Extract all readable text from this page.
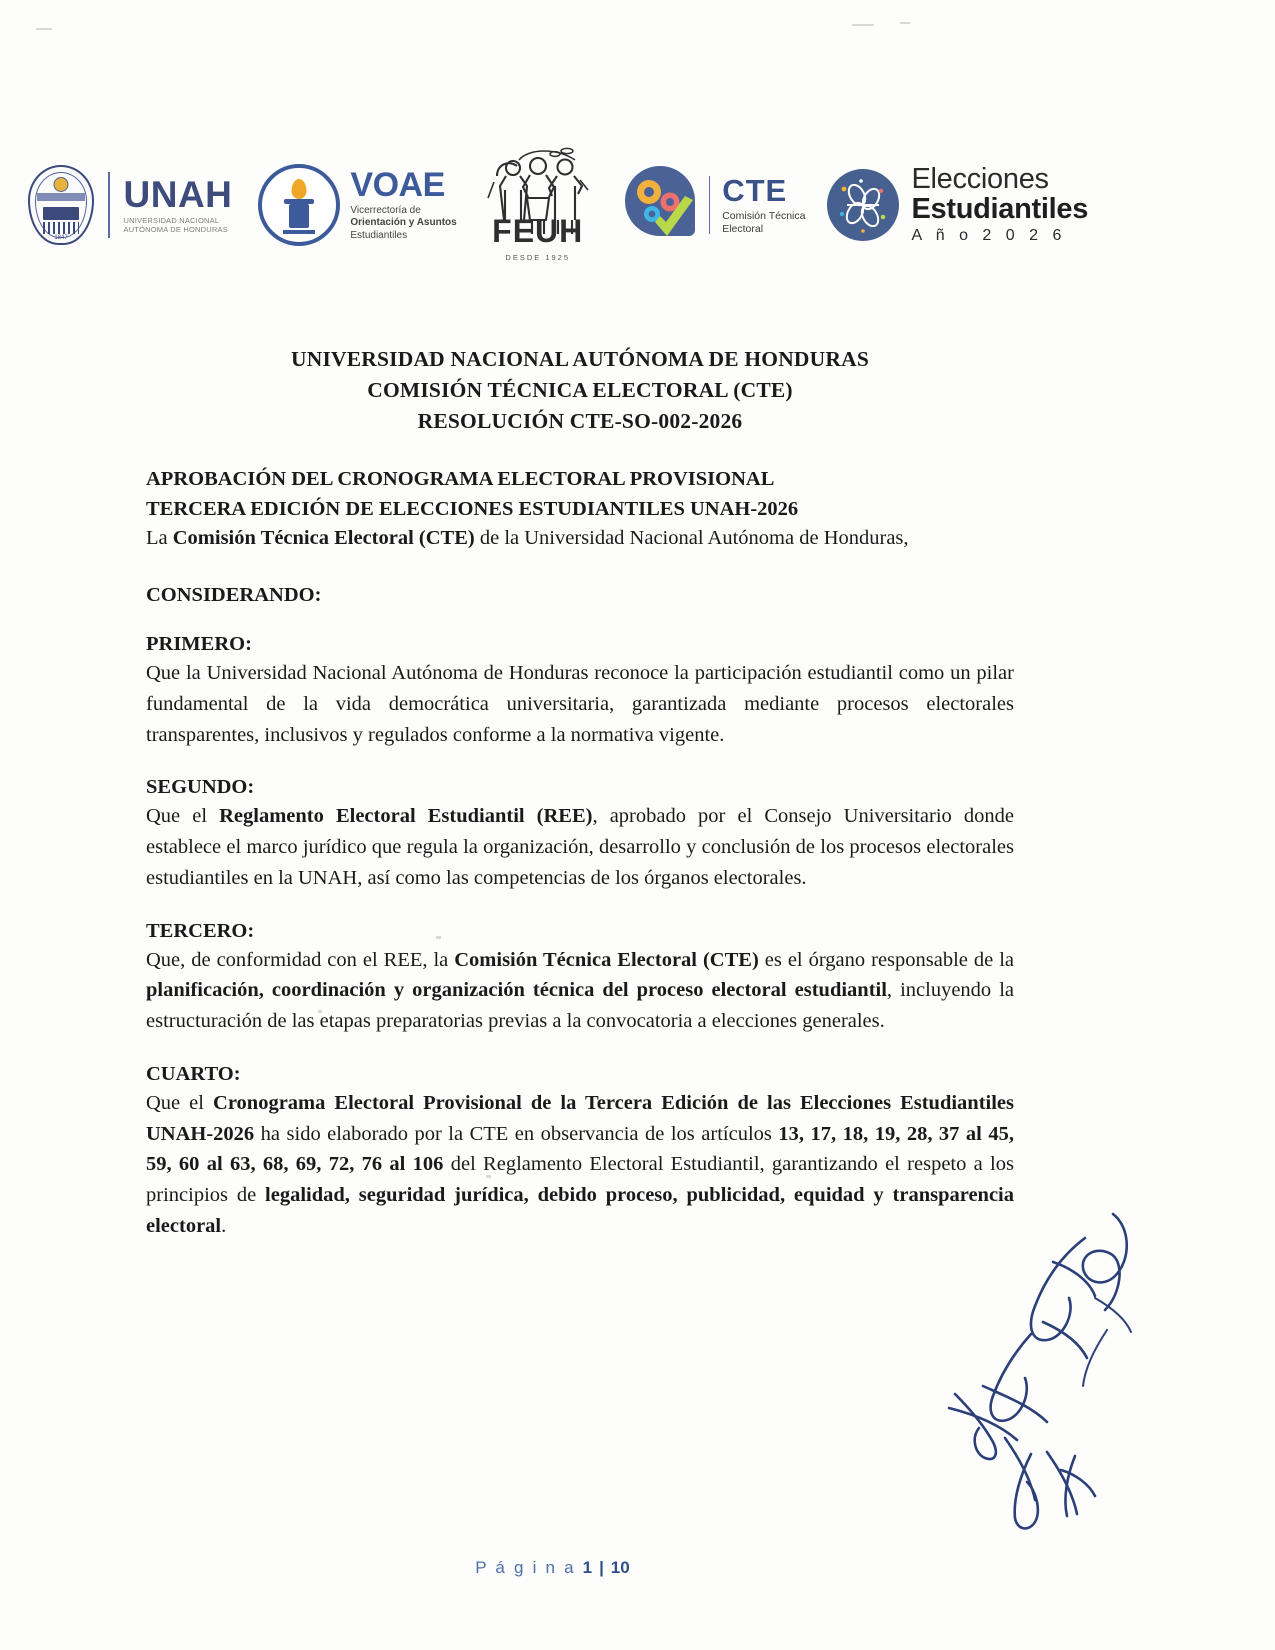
1847
UNAH
UNIVERSIDAD NACIONAL
AUTÓNOMA DE HONDURAS
VOAE
Vicerrectoría de
Orientación y Asuntos
Estudiantiles	FEUH
DESDE 1925
CTE
Comisión Técnica
Electoral
Elecciones
Estudiantiles
A ñ o 2 0 2 6
UNIVERSIDAD NACIONAL AUTÓNOMA DE HONDURAS
COMISIÓN TÉCNICA ELECTORAL (CTE)
RESOLUCIÓN CTE-SO-002-2026
APROBACIÓN DEL CRONOGRAMA ELECTORAL PROVISIONAL
TERCERA EDICIÓN DE ELECCIONES ESTUDIANTILES UNAH-2026
La Comisión Técnica Electoral (CTE) de la Universidad Nacional Autónoma de Honduras,
CONSIDERANDO:
PRIMERO:
Que la Universidad Nacional Autónoma de Honduras reconoce la participación estudiantil como un pilar fundamental de la vida democrática universitaria, garantizada mediante procesos electorales transparentes, inclusivos y regulados conforme a la normativa vigente.
SEGUNDO:
Que el Reglamento Electoral Estudiantil (REE), aprobado por el Consejo Universitario donde establece el marco jurídico que regula la organización, desarrollo y conclusión de los procesos electorales estudiantiles en la UNAH, así como las competencias de los órganos electorales.
TERCERO:
Que, de conformidad con el REE, la Comisión Técnica Electoral (CTE) es el órgano responsable de la planificación, coordinación y organización técnica del proceso electoral estudiantil, incluyendo la estructuración de las etapas preparatorias previas a la convocatoria a elecciones generales.
CUARTO:
Que el Cronograma Electoral Provisional de la Tercera Edición de las Elecciones Estudiantiles UNAH-2026 ha sido elaborado por la CTE en observancia de los artículos 13, 17, 18, 19, 28, 37 al 45, 59, 60 al 63, 68, 69, 72, 76 al 106 del Reglamento Electoral Estudiantil, garantizando el respeto a los principios de legalidad, seguridad jurídica, debido proceso, publicidad, equidad y transparencia electoral.
P á g i n a 1 | 10
